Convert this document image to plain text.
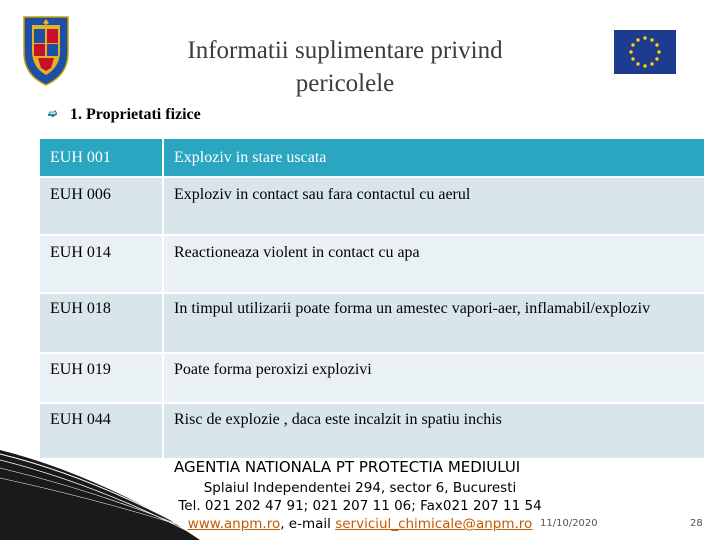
Informatii suplimentare privind pericolele
➫ 1. Proprietati fizice
EUH 001	Exploziv in stare uscata
EUH 006	Exploziv in contact sau fara contactul cu aerul
EUH 014	Reactioneaza violent in contact cu apa
EUH 018	In timpul utilizarii poate forma un amestec vapori-aer, inflamabil/exploziv
EUH 019	Poate forma peroxizi explozivi
EUH 044	Risc de explozie , daca este incalzit in spatiu inchis
AGENTIA NATIONALA PT PROTECTIA MEDIULUI
Splaiul Independentei 294, sector 6, Bucuresti
Tel. 021 202 47 91; 021 207 11 06; Fax021 207 11 54
www.anpm.ro, e-mail serviciul_chimicale@anpm.ro 11/10/2020	28
